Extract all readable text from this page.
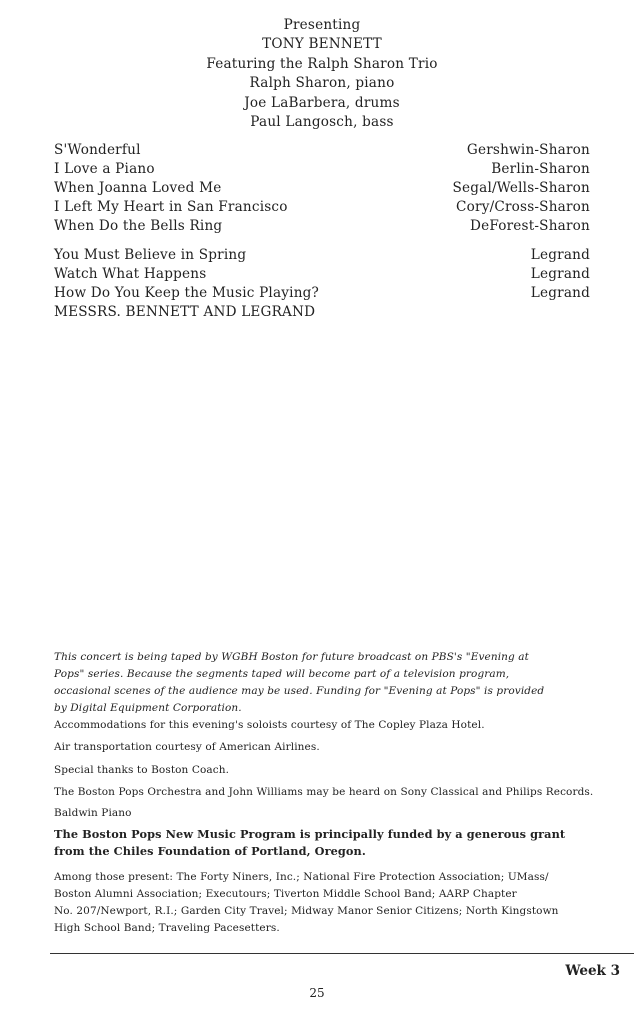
Presenting
TONY BENNETT
Featuring the Ralph Sharon Trio
Ralph Sharon, piano
Joe LaBarbera, drums
Paul Langosch, bass
S'Wonderful	Gershwin-Sharon
I Love a Piano	Berlin-Sharon
When Joanna Loved Me	Segal/Wells-Sharon
I Left My Heart in San Francisco	Cory/Cross-Sharon
When Do the Bells Ring	DeForest-Sharon
You Must Believe in Spring	Legrand
Watch What Happens	Legrand
How Do You Keep the Music Playing?	Legrand
MESSRS. BENNETT AND LEGRAND
This concert is being taped by WGBH Boston for future broadcast on PBS's "Evening at
Pops" series. Because the segments taped will become part of a television program,
occasional scenes of the audience may be used. Funding for "Evening at Pops" is provided
by Digital Equipment Corporation.
Accommodations for this evening's soloists courtesy of The Copley Plaza Hotel.
Air transportation courtesy of American Airlines.
Special thanks to Boston Coach.
The Boston Pops Orchestra and John Williams may be heard on Sony Classical and Philips Records.
Baldwin Piano
The Boston Pops New Music Program is principally funded by a generous grant
from the Chiles Foundation of Portland, Oregon.
Among those present: The Forty Niners, Inc.; National Fire Protection Association; UMass/
Boston Alumni Association; Executours; Tiverton Middle School Band; AARP Chapter
No. 207/Newport, R.I.; Garden City Travel; Midway Manor Senior Citizens; North Kingstown
High School Band; Traveling Pacesetters.
Week 3
25
